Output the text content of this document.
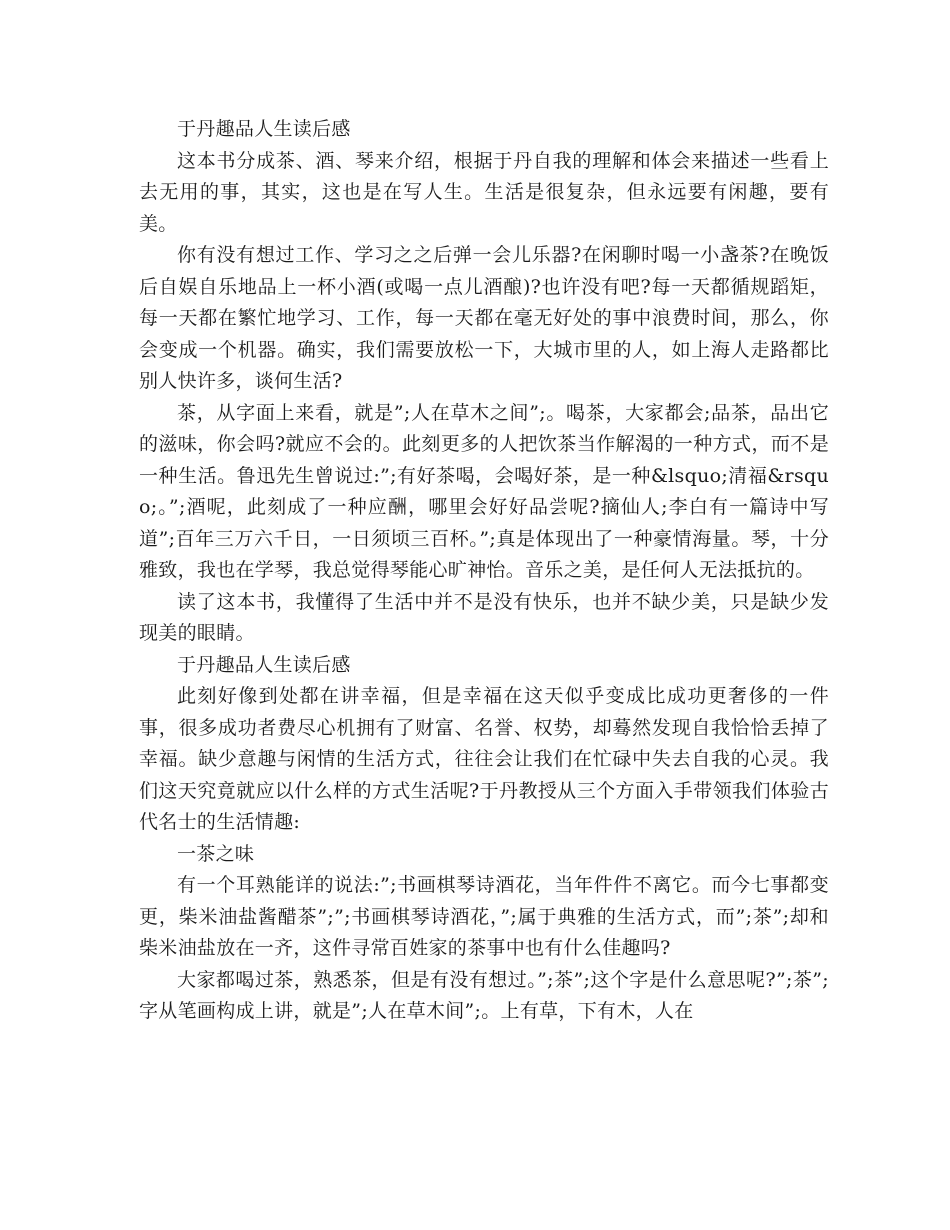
于丹趣品人生读后感

这本书分成茶、酒、琴来介绍，根据于丹自我的理解和体会来描述一些看上去无用的事，其实，这也是在写人生。生活是很复杂，但永远要有闲趣，要有美。

你有没有想过工作、学习之之后弹一会儿乐器?在闲聊时喝一小盏茶?在晚饭后自娱自乐地品上一杯小酒(或喝一点儿酒酿)?也许没有吧?每一天都循规蹈矩，每一天都在繁忙地学习、工作，每一天都在毫无好处的事中浪费时间，那么，你会变成一个机器。确实，我们需要放松一下，大城市里的人，如上海人走路都比别人快许多，谈何生活?

茶，从字面上来看，就是”;人在草木之间”;。喝茶，大家都会;品茶，品出它的滋味，你会吗?就应不会的。此刻更多的人把饮茶当作解渴的一种方式，而不是一种生活。鲁迅先生曾说过:”;有好茶喝，会喝好茶，是一种&lsquo;清福&rsquo;。”;酒呢，此刻成了一种应酬，哪里会好好品尝呢?摘仙人;李白有一篇诗中写道”;百年三万六千日，一日须顷三百杯。”;真是体现出了一种豪情海量。琴，十分雅致，我也在学琴，我总觉得琴能心旷神怡。音乐之美，是任何人无法抵抗的。

读了这本书，我懂得了生活中并不是没有快乐，也并不缺少美，只是缺少发现美的眼睛。

于丹趣品人生读后感

此刻好像到处都在讲幸福，但是幸福在这天似乎变成比成功更奢侈的一件事，很多成功者费尽心机拥有了财富、名誉、权势，却蓦然发现自我恰恰丢掉了幸福。缺少意趣与闲情的生活方式，往往会让我们在忙碌中失去自我的心灵。我们这天究竟就应以什么样的方式生活呢?于丹教授从三个方面入手带领我们体验古代名士的生活情趣:

一茶之味

有一个耳熟能详的说法:”;书画棋琴诗酒花，当年件件不离它。而今七事都变更，柴米油盐酱醋茶”;”;书画棋琴诗酒花，”;属于典雅的生活方式，而”;茶”;却和柴米油盐放在一齐，这件寻常百姓家的茶事中也有什么佳趣吗?

大家都喝过茶，熟悉茶，但是有没有想过。”;茶”;这个字是什么意思呢?”;茶”;字从笔画构成上讲，就是”;人在草木间”;。上有草，下有木，人在
